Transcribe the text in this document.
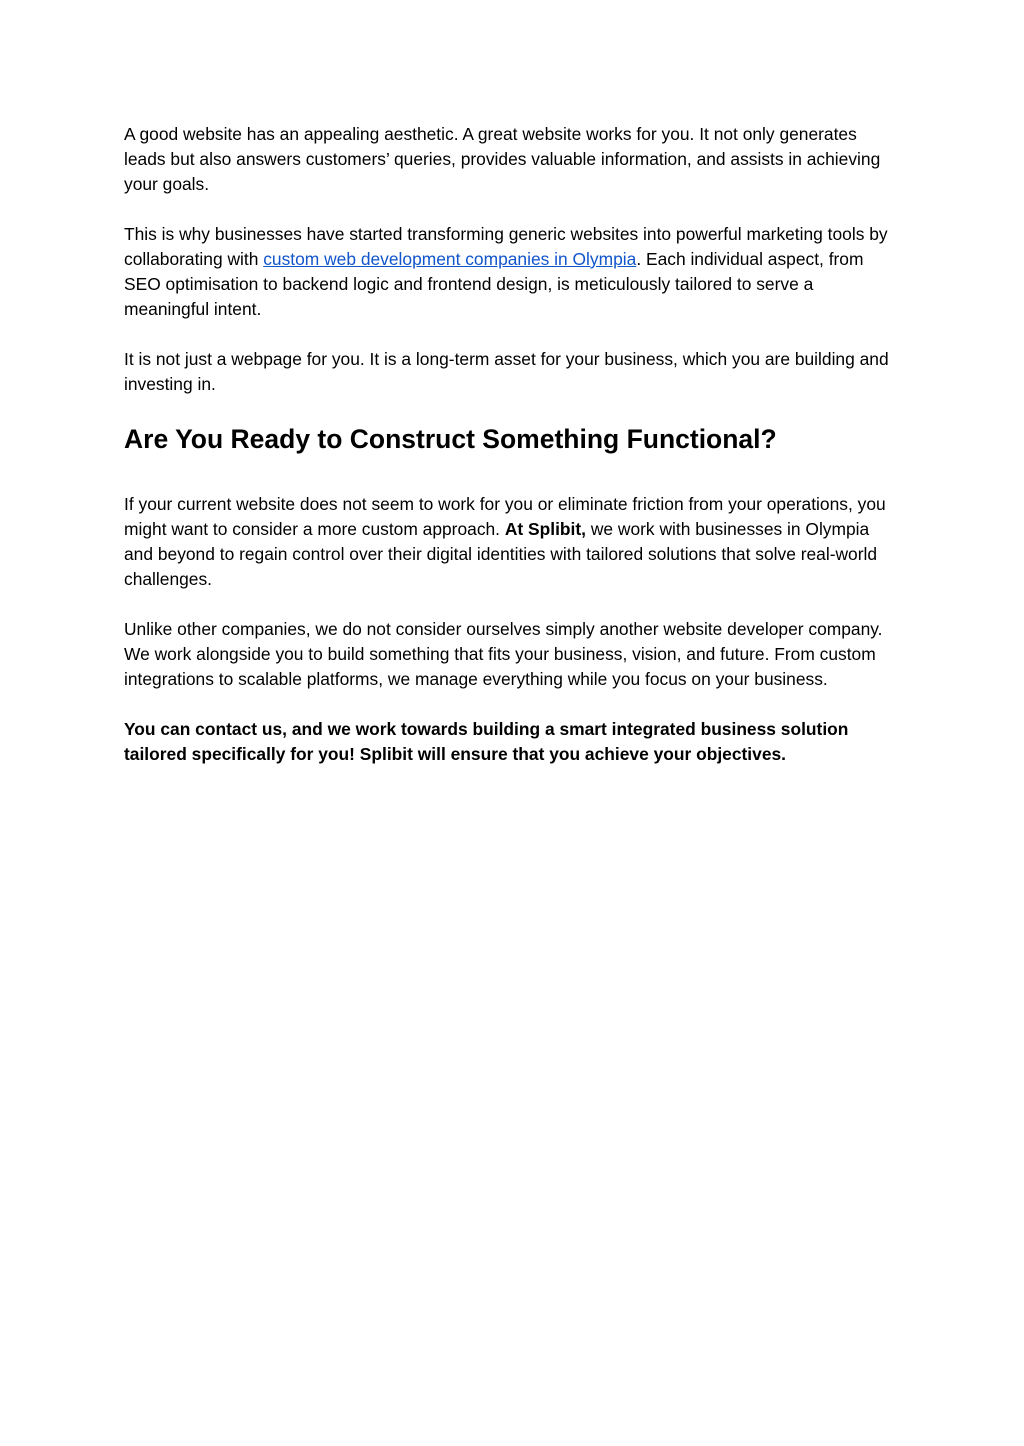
A good website has an appealing aesthetic. A great website works for you. It not only generates leads but also answers customers’ queries, provides valuable information, and assists in achieving your goals.

This is why businesses have started transforming generic websites into powerful marketing tools by collaborating with custom web development companies in Olympia. Each individual aspect, from SEO optimisation to backend logic and frontend design, is meticulously tailored to serve a meaningful intent.

It is not just a webpage for you. It is a long-term asset for your business, which you are building and investing in.

Are You Ready to Construct Something Functional?

If your current website does not seem to work for you or eliminate friction from your operations, you might want to consider a more custom approach. At Splibit, we work with businesses in Olympia and beyond to regain control over their digital identities with tailored solutions that solve real-world challenges.

Unlike other companies, we do not consider ourselves simply another website developer company. We work alongside you to build something that fits your business, vision, and future. From custom integrations to scalable platforms, we manage everything while you focus on your business.

You can contact us, and we work towards building a smart integrated business solution tailored specifically for you! Splibit will ensure that you achieve your objectives.
